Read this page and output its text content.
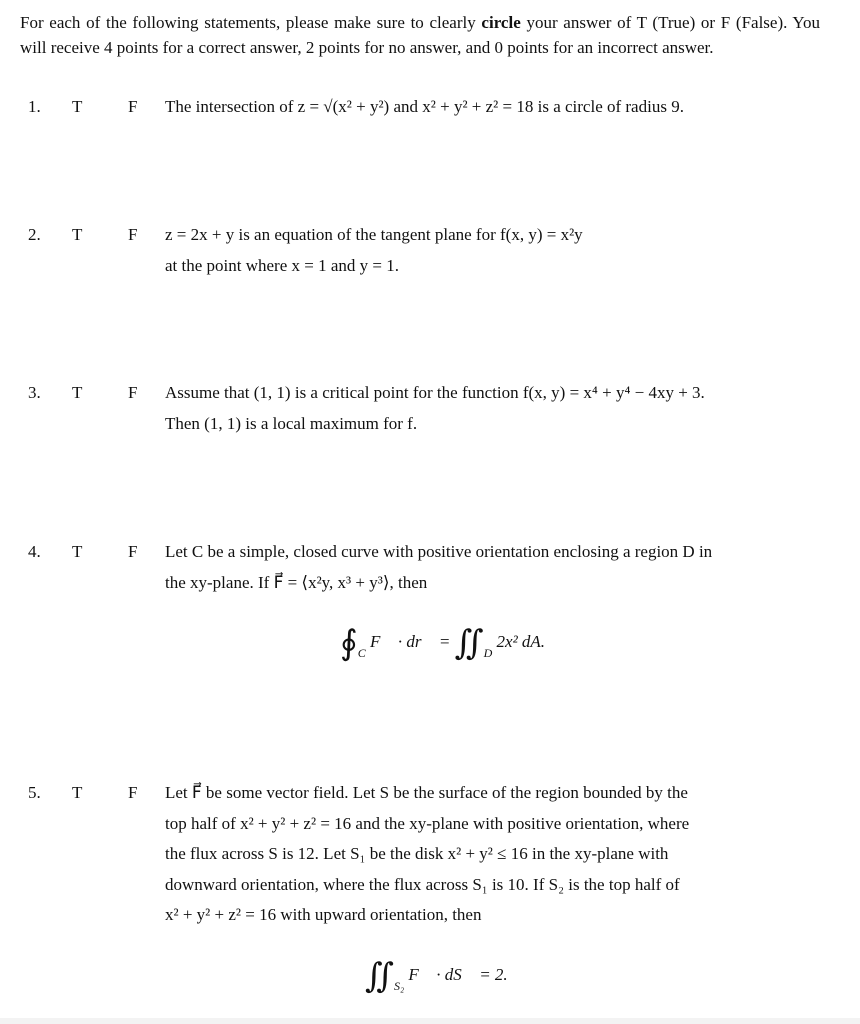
For each of the following statements, please make sure to clearly circle your answer of T (True) or F (False). You will receive 4 points for a correct answer, 2 points for no answer, and 0 points for an incorrect answer.
1. T	F The intersection of z = √(x² + y²) and x² + y² + z² = 18 is a circle of radius 9.
2. T	F z = 2x + y is an equation of the tangent plane for f(x, y) = x²y
at the point where x = 1 and y = 1.
3. T	F Assume that (1, 1) is a critical point for the function f(x, y) = x⁴ + y⁴ − 4xy + 3.
Then (1, 1) is a local maximum for f.
4. T	F Let C be a simple, closed curve with positive orientation enclosing a region D in
the xy-plane. If F⃗ = ⟨x²y, x³ + y³⟩, then
$∮_C$ F⃗ · dr⃗ = $∬_D$ 2x² dA.
5. T	F Let F⃗ be some vector field. Let S be the surface of the region bounded by the
top half of x² + y² + z² = 16 and the xy-plane with positive orientation, where
the flux across S is 12. Let S₁ be the disk x² + y² ≤ 16 in the xy-plane with
downward orientation, where the flux across S₁ is 10. If S₂ is the top half of
x² + y² + z² = 16 with upward orientation, then
$∬_{S_2}$ F⃗ · dS⃗ = 2.
